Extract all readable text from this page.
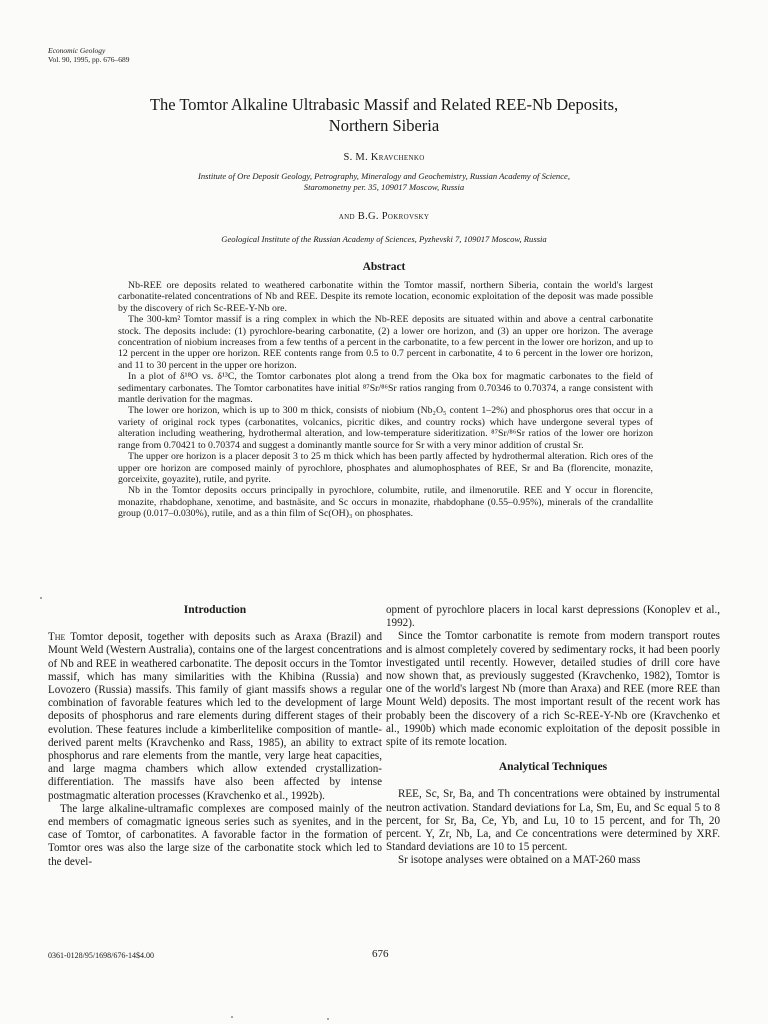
Economic Geology
Vol. 90, 1995, pp. 676–689
The Tomtor Alkaline Ultrabasic Massif and Related REE-Nb Deposits,
Northern Siberia
S. M. Kravchenko
Institute of Ore Deposit Geology, Petrography, Mineralogy and Geochemistry, Russian Academy of Science,
Staromonetny per. 35, 109017 Moscow, Russia
and B.G. Pokrovsky
Geological Institute of the Russian Academy of Sciences, Pyzhevski 7, 109017 Moscow, Russia
Abstract

Nb-REE ore deposits related to weathered carbonatite within the Tomtor massif, northern Siberia, contain the world's largest carbonatite-related concentrations of Nb and REE. Despite its remote location, economic exploitation of the deposit was made possible by the discovery of rich Sc-REE-Y-Nb ore.

The 300-km² Tomtor massif is a ring complex in which the Nb-REE deposits are situated within and above a central carbonatite stock. The deposits include: (1) pyrochlore-bearing carbonatite, (2) a lower ore horizon, and (3) an upper ore horizon. The average concentration of niobium increases from a few tenths of a percent in the carbonatite, to a few percent in the lower ore horizon, and up to 12 percent in the upper ore horizon. REE contents range from 0.5 to 0.7 percent in carbonatite, 4 to 6 percent in the lower ore horizon, and 11 to 30 percent in the upper ore horizon.

In a plot of δ¹⁸O vs. δ¹³C, the Tomtor carbonates plot along a trend from the Oka box for magmatic carbonates to the field of sedimentary carbonates. The Tomtor carbonatites have initial ⁸⁷Sr/⁸⁶Sr ratios ranging from 0.70346 to 0.70374, a range consistent with mantle derivation for the magmas.

The lower ore horizon, which is up to 300 m thick, consists of niobium (Nb₂O₅ content 1–2%) and phosphorus ores that occur in a variety of original rock types (carbonatites, volcanics, picritic dikes, and country rocks) which have undergone several types of alteration including weathering, hydrothermal alteration, and low-temperature sideritization. ⁸⁷Sr/⁸⁶Sr ratios of the lower ore horizon range from 0.70421 to 0.70374 and suggest a dominantly mantle source for Sr with a very minor addition of crustal Sr.

The upper ore horizon is a placer deposit 3 to 25 m thick which has been partly affected by hydrothermal alteration. Rich ores of the upper ore horizon are composed mainly of pyrochlore, phosphates and alumophosphates of REE, Sr and Ba (florencite, monazite, gorceixite, goyazite), rutile, and pyrite.

Nb in the Tomtor deposits occurs principally in pyrochlore, columbite, rutile, and ilmenorutile. REE and Y occur in florencite, monazite, rhabdophane, xenotime, and bastnäsite, and Sc occurs in monazite, rhabdophane (0.55–0.95%), minerals of the crandallite group (0.017–0.030%), rutile, and as a thin film of Sc(OH)₃ on phosphates.

Introduction

The Tomtor deposit, together with deposits such as Araxa (Brazil) and Mount Weld (Western Australia), contains one of the largest concentrations of Nb and REE in weathered carbonatite. The deposit occurs in the Tomtor massif, which has many similarities with the Khibina (Russia) and Lovozero (Russia) massifs. This family of giant massifs shows a regular combination of favorable features which led to the development of large deposits of phosphorus and rare elements during different stages of their evolution. These features include a kimberlitelike composition of mantle-derived parent melts (Kravchenko and Rass, 1985), an ability to extract phosphorus and rare elements from the mantle, very large heat capacities, and large magma chambers which allow extended crystallization-differentiation. The massifs have also been affected by intense postmagmatic alteration processes (Kravchenko et al., 1992b).

The large alkaline-ultramafic complexes are composed mainly of the end members of comagmatic igneous series such as syenites, and in the case of Tomtor, of carbonatites. A favorable factor in the formation of Tomtor ores was also the large size of the carbonatite stock which led to the devel-

opment of pyrochlore placers in local karst depressions (Konoplev et al., 1992).

Since the Tomtor carbonatite is remote from modern transport routes and is almost completely covered by sedimentary rocks, it had been poorly investigated until recently. However, detailed studies of drill core have now shown that, as previously suggested (Kravchenko, 1982), Tomtor is one of the world's largest Nb (more than Araxa) and REE (more REE than Mount Weld) deposits. The most important result of the recent work has probably been the discovery of a rich Sc-REE-Y-Nb ore (Kravchenko et al., 1990b) which made economic exploitation of the deposit possible in spite of its remote location.

Analytical Techniques

REE, Sc, Sr, Ba, and Th concentrations were obtained by instrumental neutron activation. Standard deviations for La, Sm, Eu, and Sc equal 5 to 8 percent, for Sr, Ba, Ce, Yb, and Lu, 10 to 15 percent, and for Th, 20 percent. Y, Zr, Nb, La, and Ce concentrations were determined by XRF. Standard deviations are 10 to 15 percent.

Sr isotope analyses were obtained on a MAT-260 mass

0361-0128/95/1698/676-14$4.00	676
